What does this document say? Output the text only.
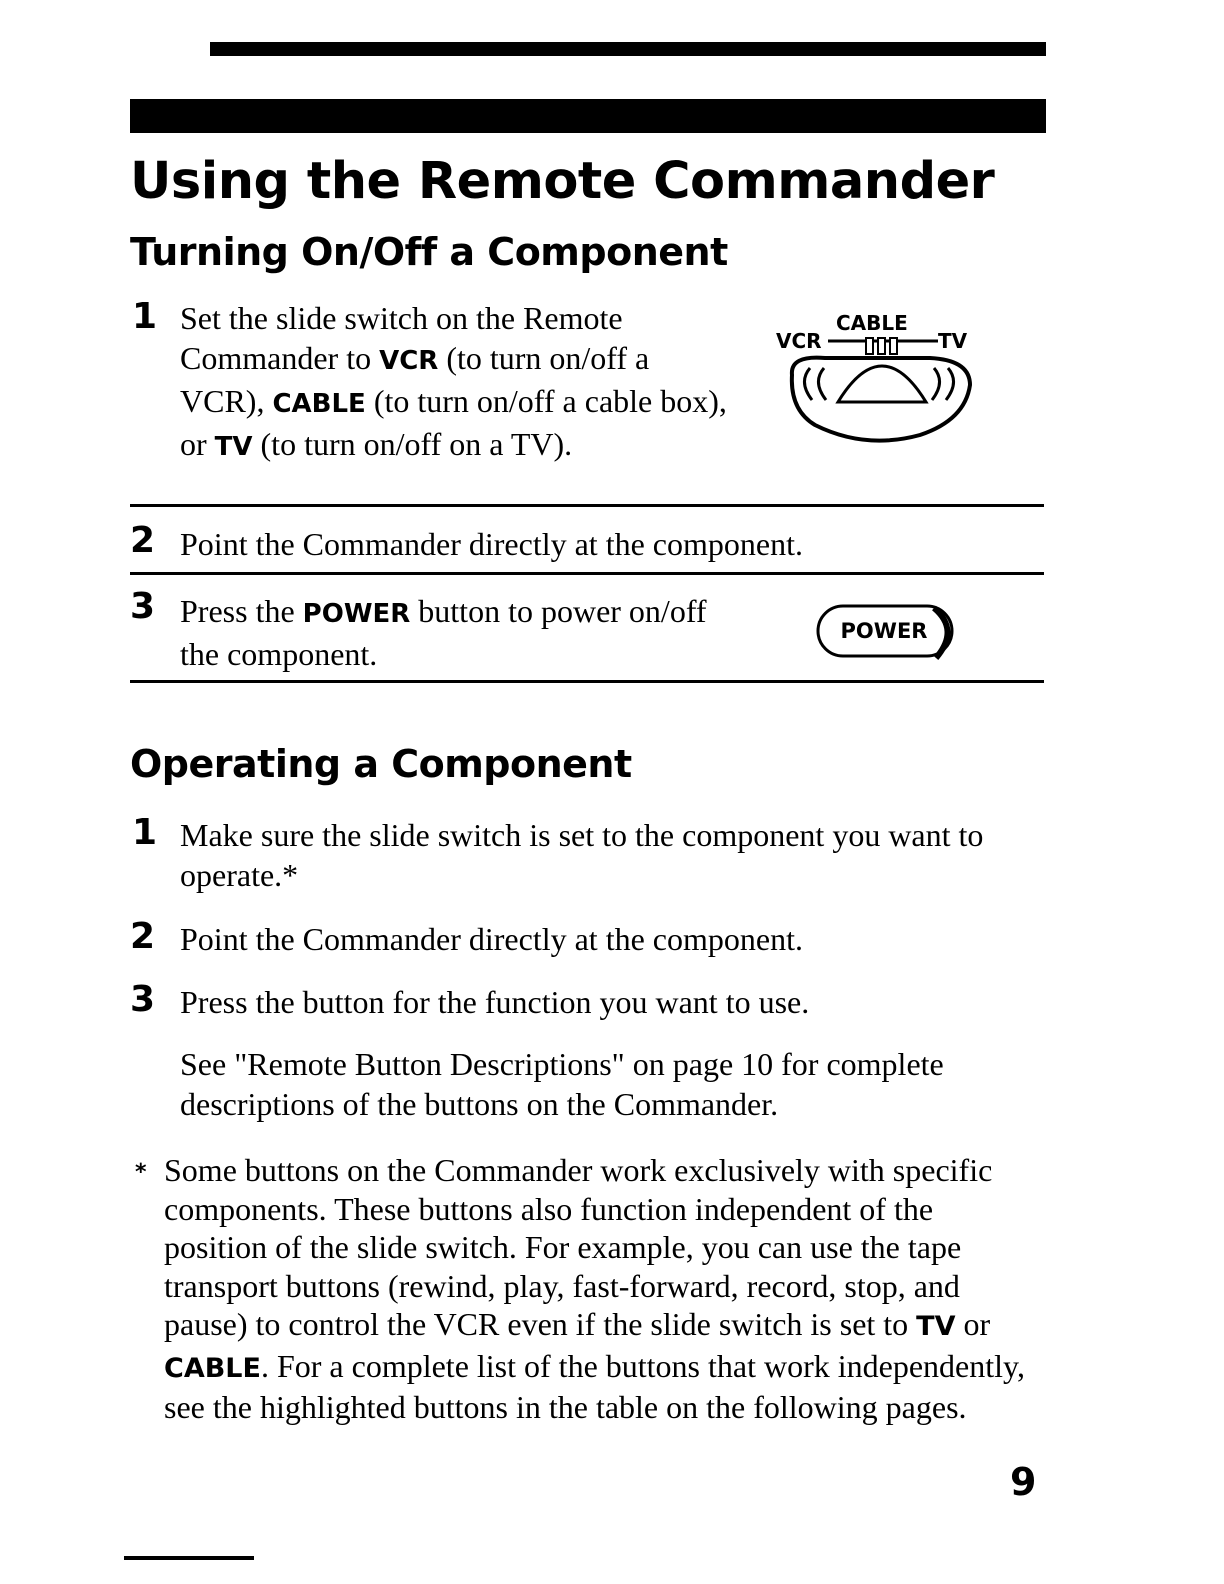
Using the Remote Commander
Turning On/Off a Component
1 Set the slide switch on the Remote Commander to VCR (to turn on/off a VCR), CABLE (to turn on/off a cable box), or TV (to turn on/off on a TV).
CABLE
VCR	TV
2 Point the Commander directly at the component.
3 Press the POWER button to power on/off the component.
POWER
Operating a Component
1 Make sure the slide switch is set to the component you want to operate.*
2 Point the Commander directly at the component.
3 Press the button for the function you want to use.
See "Remote Button Descriptions" on page 10 for complete descriptions of the buttons on the Commander.
* Some buttons on the Commander work exclusively with specific components. These buttons also function independent of the position of the slide switch. For example, you can use the tape transport buttons (rewind, play, fast-forward, record, stop, and pause) to control the VCR even if the slide switch is set to TV or CABLE. For a complete list of the buttons that work independently, see the highlighted buttons in the table on the following pages.
9
